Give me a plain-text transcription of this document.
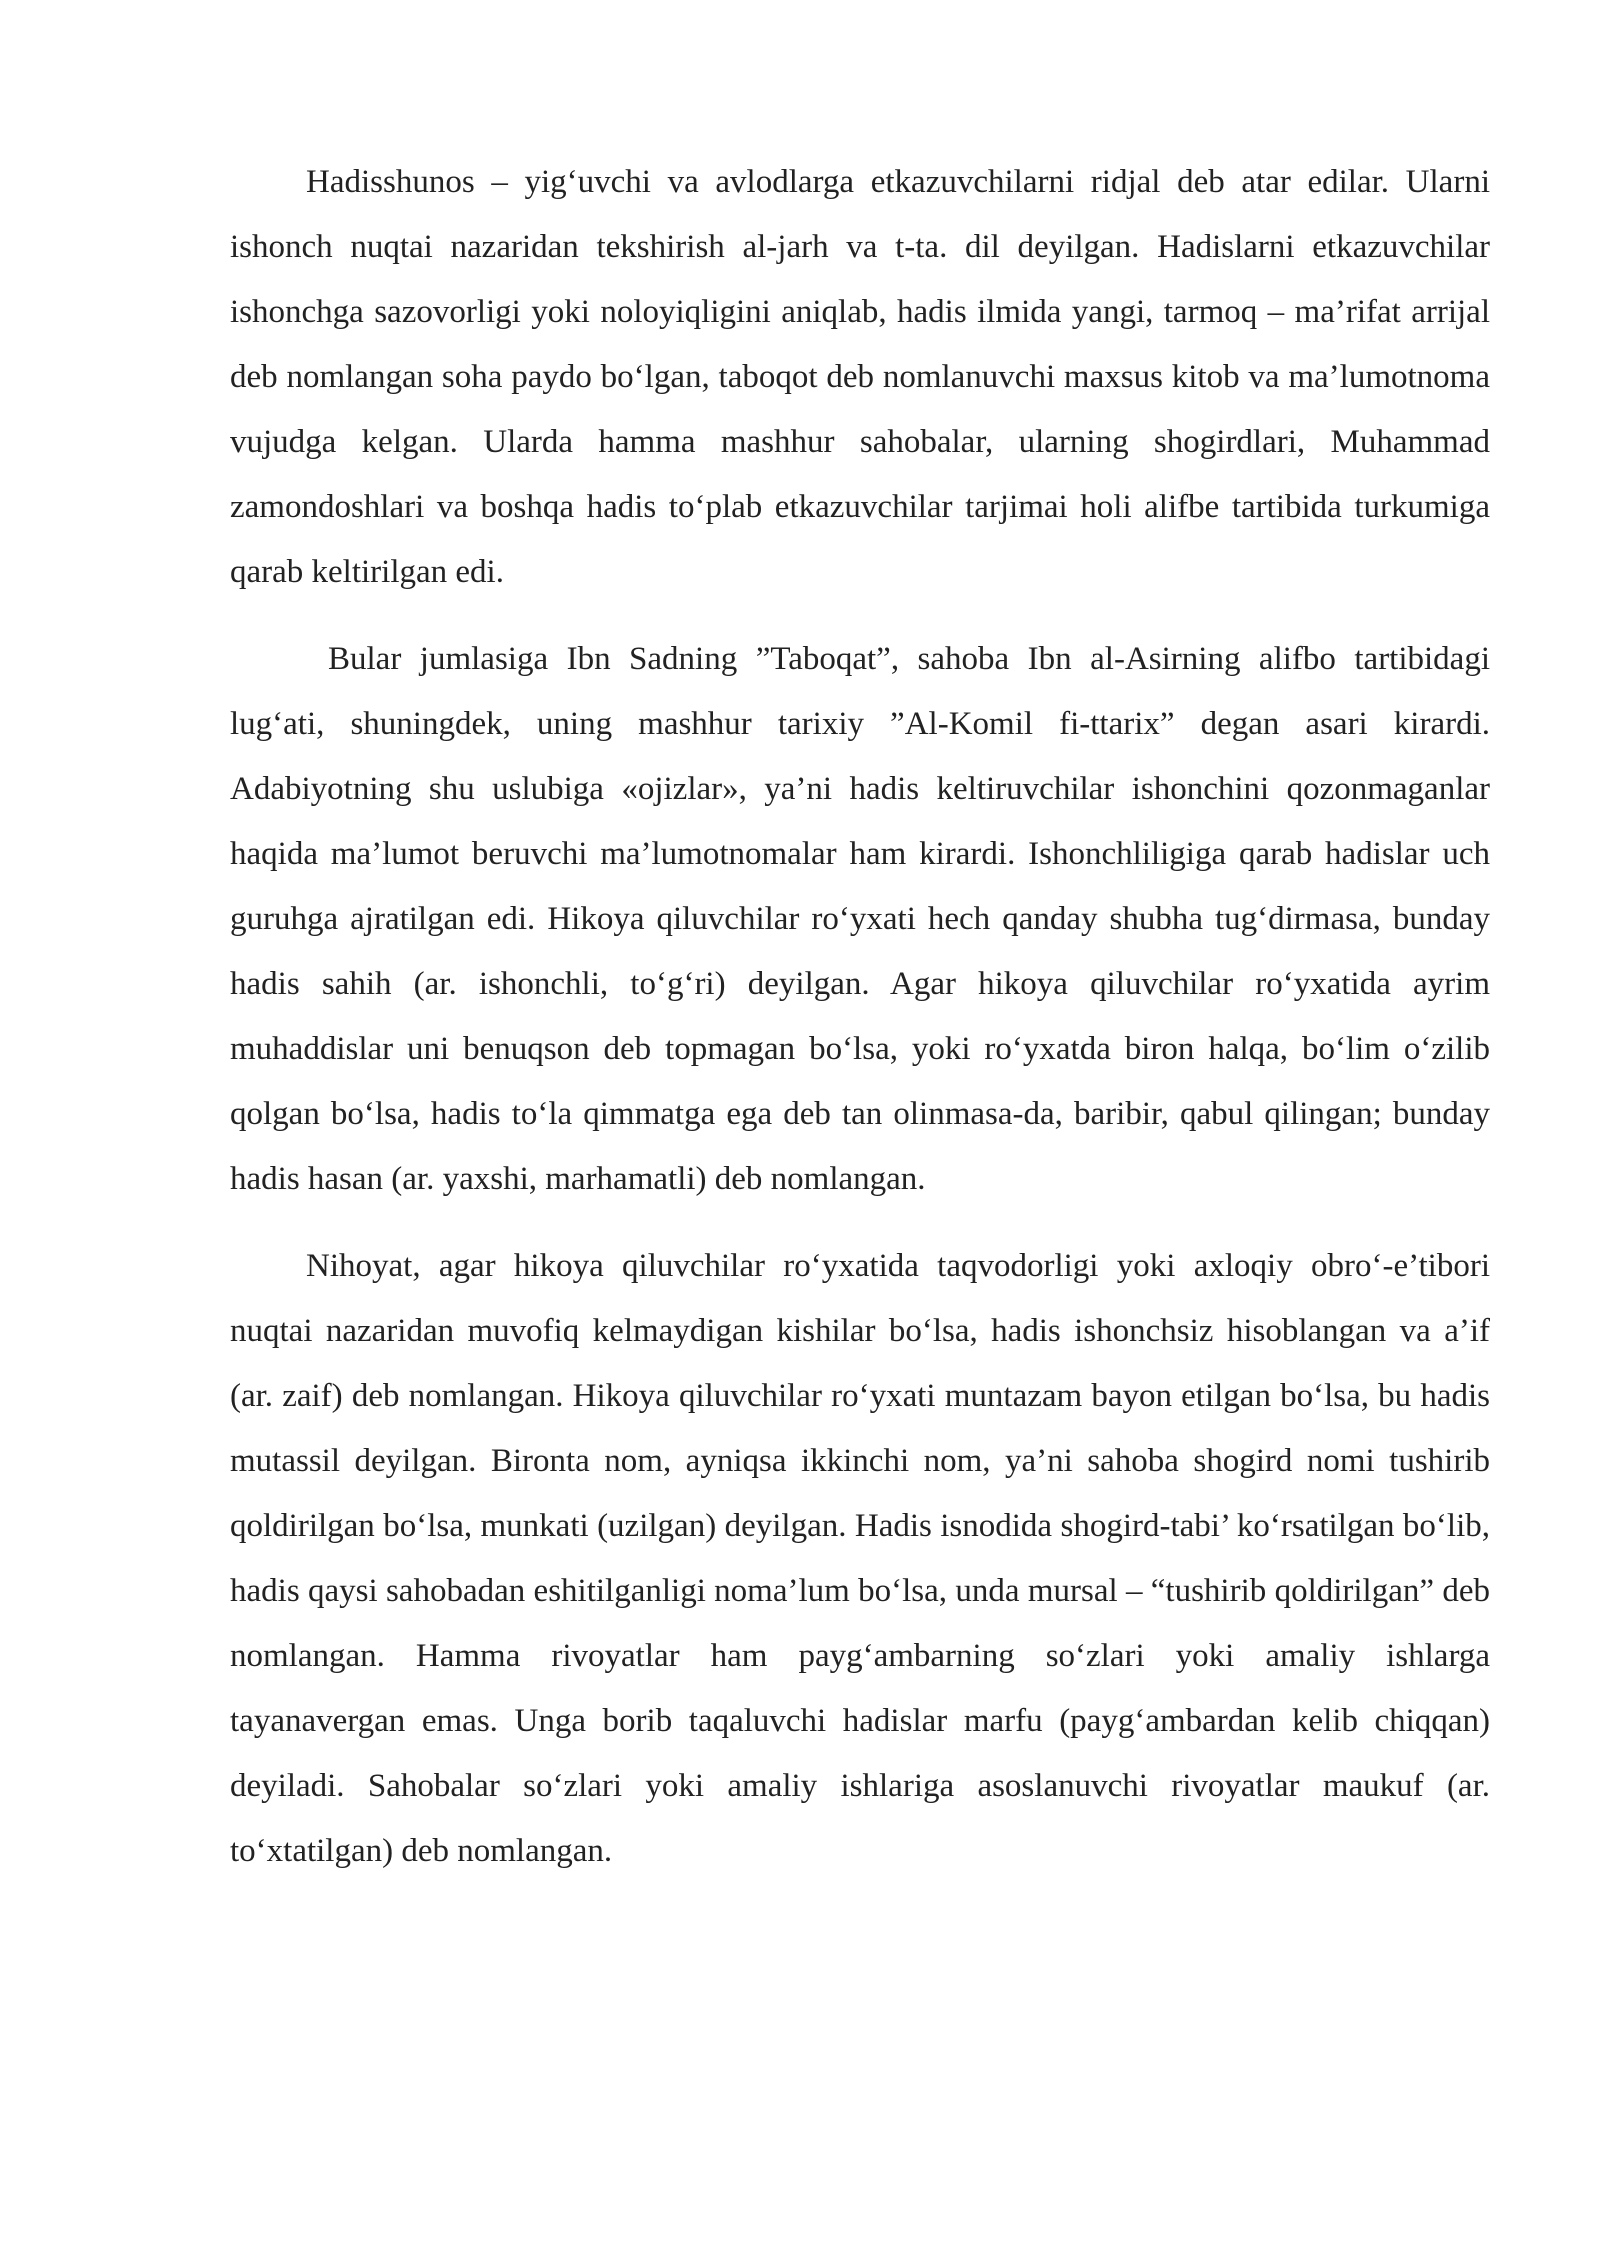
Hadisshunos – yig‘uvchi va avlodlarga etkazuvchilarni ridjal deb atar edilar. Ularni ishonch nuqtai nazaridan tekshirish al-jarh va t-ta. dil deyilgan. Hadislarni etkazuvchilar ishonchga sazovorligi yoki noloyiqligini aniqlab, hadis ilmida yangi, tarmoq – ma’rifat arrijal deb nomlangan soha paydo bo‘lgan, taboqot deb nomlanuvchi maxsus kitob va ma’lumotnoma vujudga kelgan. Ularda hamma mashhur sahobalar, ularning shogirdlari, Muhammad zamondoshlari va boshqa hadis to‘plab etkazuvchilar tarjimai holi alifbe tartibida turkumiga qarab keltirilgan edi.

Bular jumlasiga Ibn Sadning ”Taboqat”, sahoba Ibn al-Asirning alifbo tartibidagi lug‘ati, shuningdek, uning mashhur tarixiy ”Al-Komil fi-ttarix” degan asari kirardi. Adabiyotning shu uslubiga «ojizlar», ya’ni hadis keltiruvchilar ishonchini qozonmaganlar haqida ma’lumot beruvchi ma’lumotnomalar ham kirardi. Ishonchliligiga qarab hadislar uch guruhga ajratilgan edi. Hikoya qiluvchilar ro‘yxati hech qanday shubha tug‘dirmasa, bunday hadis sahih (ar. ishonchli, to‘g‘ri) deyilgan. Agar hikoya qiluvchilar ro‘yxatida ayrim muhaddislar uni benuqson deb topmagan bo‘lsa, yoki ro‘yxatda biron halqa, bo‘lim o‘zilib qolgan bo‘lsa, hadis to‘la qimmatga ega deb tan olinmasa-da, baribir, qabul qilingan; bunday hadis hasan (ar. yaxshi, marhamatli) deb nomlangan.

Nihoyat, agar hikoya qiluvchilar ro‘yxatida taqvodorligi yoki axloqiy obro‘-e’tibori nuqtai nazaridan muvofiq kelmaydigan kishilar bo‘lsa, hadis ishonchsiz hisoblangan va a’if (ar. zaif) deb nomlangan. Hikoya qiluvchilar ro‘yxati muntazam bayon etilgan bo‘lsa, bu hadis mutassil deyilgan. Bironta nom, ayniqsa ikkinchi nom, ya’ni sahoba shogird nomi tushirib qoldirilgan bo‘lsa, munkati (uzilgan) deyilgan. Hadis isnodida shogird-tabi’ ko‘rsatilgan bo‘lib, hadis qaysi sahobadan eshitilganligi noma’lum bo‘lsa, unda mursal – “tushirib qoldirilgan” deb nomlangan. Hamma rivoyatlar ham payg‘ambarning so‘zlari yoki amaliy ishlarga tayanavergan emas. Unga borib taqaluvchi hadislar marfu (payg‘ambardan kelib chiqqan) deyiladi. Sahobalar so‘zlari yoki amaliy ishlariga asoslanuvchi rivoyatlar maukuf (ar. to‘xtatilgan) deb nomlangan.
